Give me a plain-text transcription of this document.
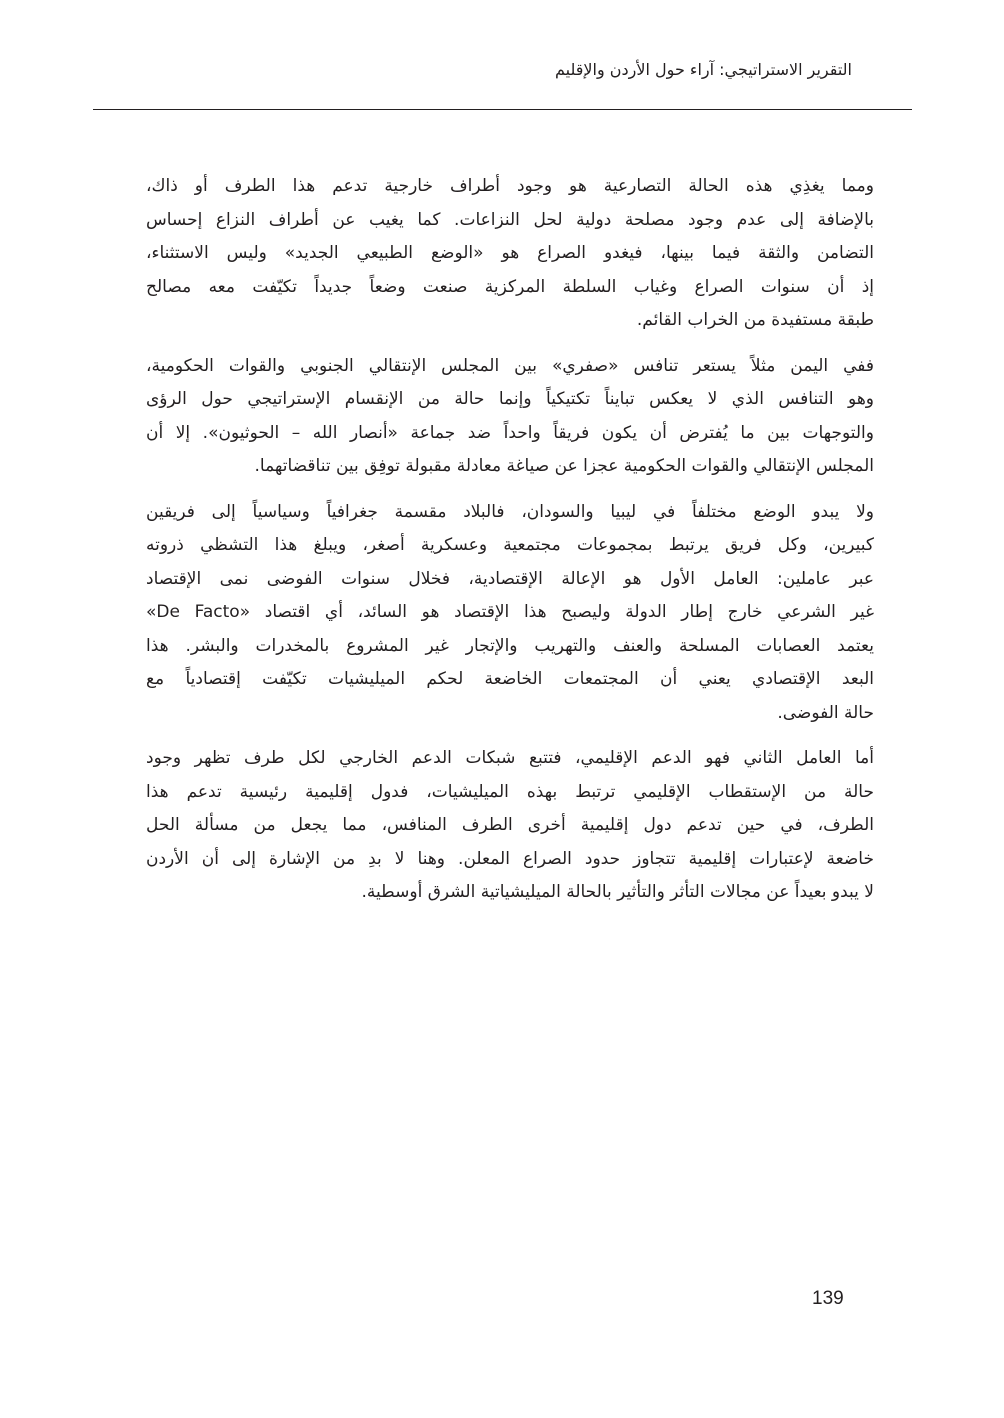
التقرير الاستراتيجي: آراء حول الأردن والإقليم

ومما يغذِي هذه الحالة التصارعية هو وجود أطراف خارجية تدعم هذا الطرف أو ذاك،
بالإضافة إلى عدم وجود مصلحة دولية لحل النزاعات. كما يغيب عن أطراف النزاع إحساس
التضامن والثقة فيما بينها، فيغدو الصراع هو «الوضع الطبيعي الجديد» وليس الاستثناء،
إذ أن سنوات الصراع وغياب السلطة المركزية صنعت وضعاً جديداً تكيّفت معه مصالح
طبقة مستفيدة من الخراب القائم.

ففي اليمن مثلاً يستعر تنافس «صفري» بين المجلس الإنتقالي الجنوبي والقوات الحكومية،
وهو التنافس الذي لا يعكس تبايناً تكتيكياً وإنما حالة من الإنقسام الإستراتيجي حول الرؤى
والتوجهات بين ما يُفترض أن يكون فريقاً واحداً ضد جماعة «أنصار الله – الحوثيون». إلا أن
المجلس الإنتقالي والقوات الحكومية عجزا عن صياغة معادلة مقبولة توفِق بين تناقضاتهما.

ولا يبدو الوضع مختلفاً في ليبيا والسودان، فالبلاد مقسمة جغرافياً وسياسياً إلى فريقين
كبيرين، وكل فريق يرتبط بمجموعات مجتمعية وعسكرية أصغر، ويبلغ هذا التشظي ذروته
عبر عاملين: العامل الأول هو الإعالة الإقتصادية، فخلال سنوات الفوضى نمى الإقتصاد
غير الشرعي خارج إطار الدولة وليصبح هذا الإقتصاد هو السائد، أي اقتصاد «De Facto»
يعتمد العصابات المسلحة والعنف والتهريب والإتجار غير المشروع بالمخدرات والبشر. هذا
البعد الإقتصادي يعني أن المجتمعات الخاضعة لحكم الميليشيات تكيّفت إقتصادياً مع
حالة الفوضى.

أما العامل الثاني فهو الدعم الإقليمي، فتتبع شبكات الدعم الخارجي لكل طرف تظهر وجود
حالة من الإستقطاب الإقليمي ترتبط بهذه الميليشيات، فدول إقليمية رئيسية تدعم هذا
الطرف، في حين تدعم دول إقليمية أخرى الطرف المنافس، مما يجعل من مسألة الحل
خاضعة لإعتبارات إقليمية تتجاوز حدود الصراع المعلن. وهنا لا بدِ من الإشارة إلى أن الأردن
لا يبدو بعيداً عن مجالات التأثر والتأثير بالحالة الميليشياتية الشرق أوسطية.

139
